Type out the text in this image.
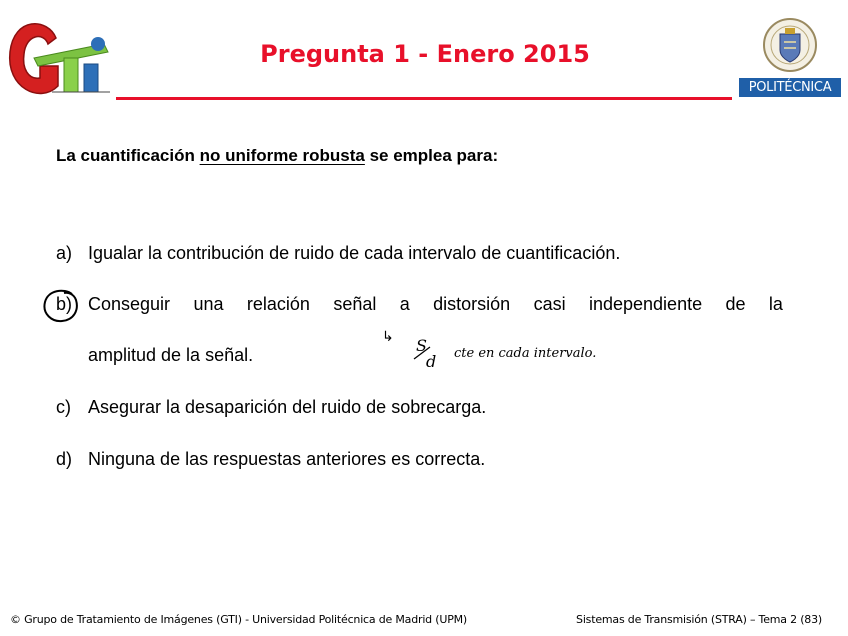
Pregunta 1 - Enero 2015
POLITÉCNICA

La cuantificación no uniforme robusta se emplea para:

a) Igualar la contribución de ruido de cada intervalo de cuantificación.
b) Conseguir una relación señal a distorsión casi independiente de la
amplitud de la señal.
↳ S
d cte en cada intervalo.
c) Asegurar la desaparición del ruido de sobrecarga.
d) Ninguna de las respuestas anteriores es correcta.
© Grupo de Tratamiento de Imágenes (GTI) - Universidad Politécnica de Madrid (UPM)	Sistemas de Transmisión (STRA) – Tema 2 (83)
